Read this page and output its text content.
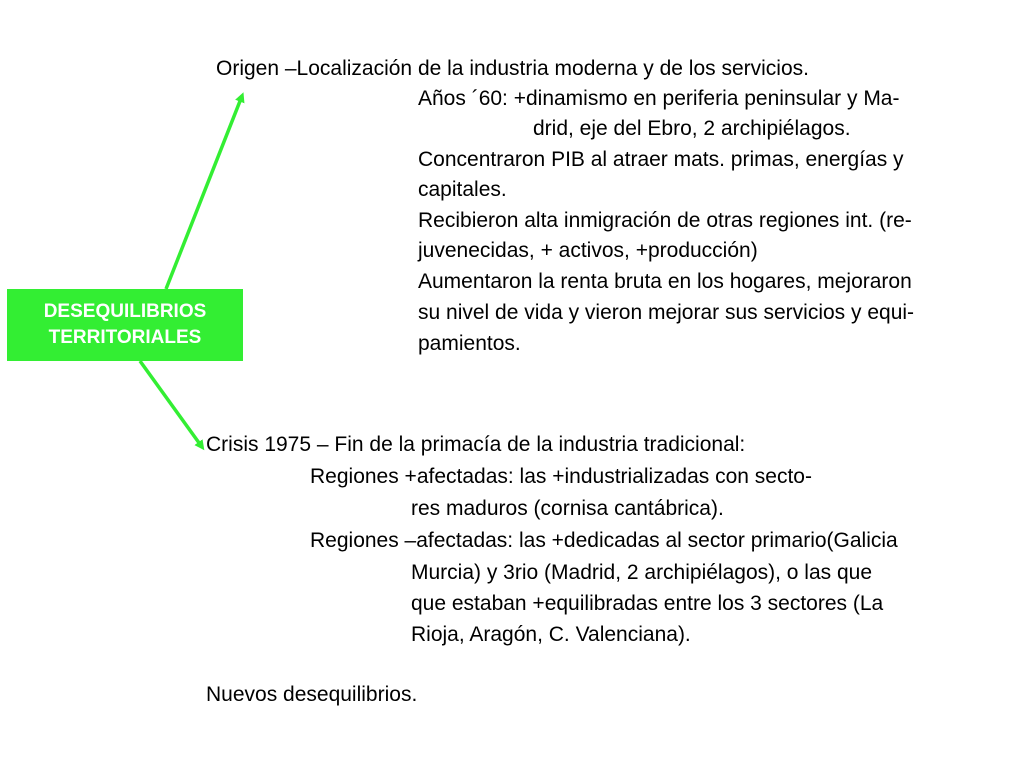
DESEQUILIBRIOS
TERRITORIALES
Origen –Localización de la industria moderna y de los servicios.
Años ´60: +dinamismo en periferia peninsular y Ma-
drid, eje del Ebro, 2 archipiélagos.
Concentraron PIB al atraer mats. primas, energías y
capitales.
Recibieron alta inmigración de otras regiones int. (re-
juvenecidas, + activos, +producción)
Aumentaron la renta bruta en los hogares, mejoraron
su nivel de vida y vieron mejorar sus servicios y equi-
pamientos.
Crisis 1975 – Fin de la primacía de la industria tradicional:
Regiones +afectadas: las +industrializadas con secto-
res maduros (cornisa cantábrica).
Regiones –afectadas: las +dedicadas al sector primario(Galicia
Murcia) y 3rio (Madrid, 2 archipiélagos), o las que
que estaban +equilibradas entre los 3 sectores (La
Rioja, Aragón, C. Valenciana).
Nuevos desequilibrios.
